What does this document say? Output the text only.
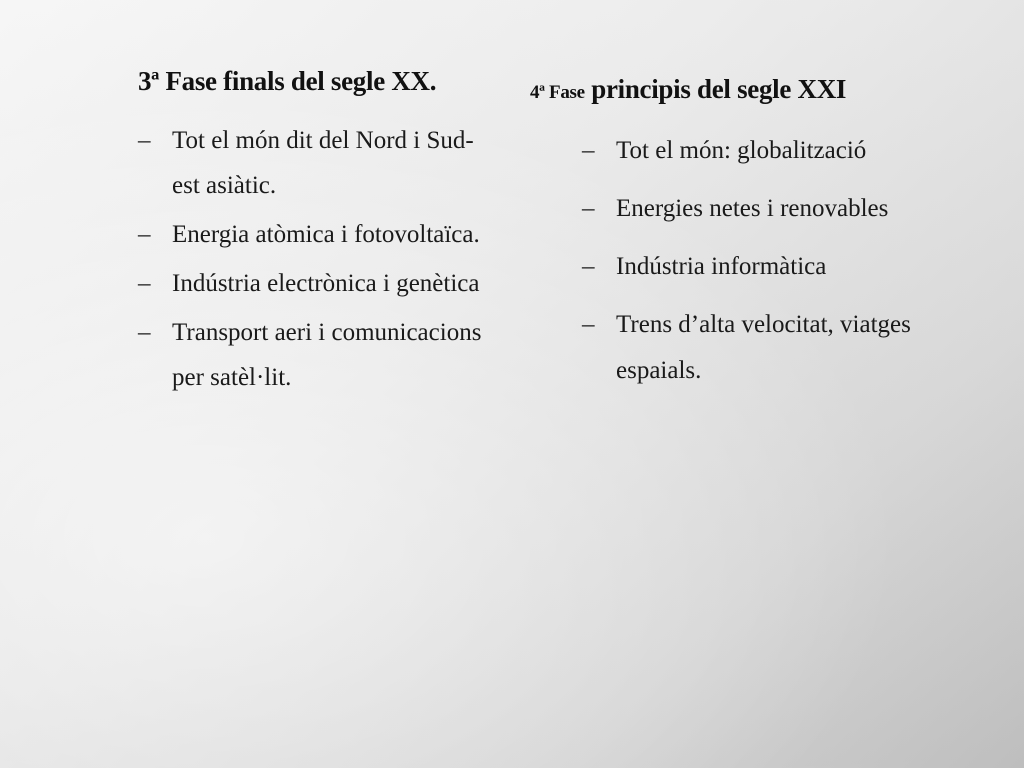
3ª Fase finals del segle XX.
– Tot el món dit del Nord i Sud-est asiàtic.
– Energia atòmica i fotovoltaïca.
– Indústria electrònica i genètica
– Transport aeri i comunicacions per satèl·lit.
4ª Fase principis del segle XXI
– Tot el món: globalització
– Energies netes i renovables
– Indústria informàtica
– Trens d’alta velocitat, viatges espaials.
